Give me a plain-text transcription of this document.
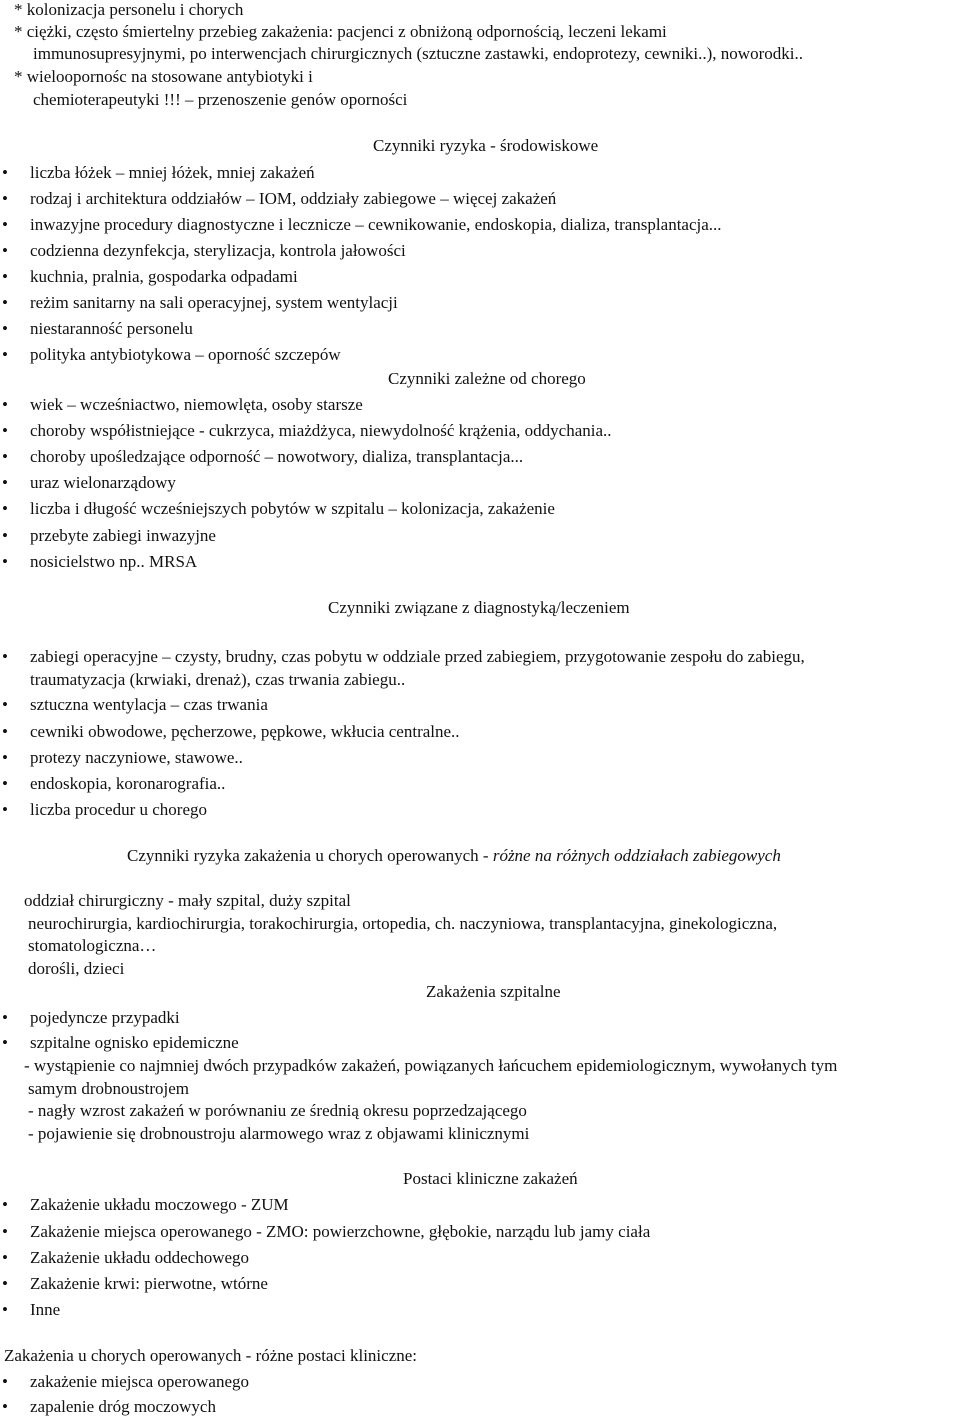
* kolonizacja personelu i chorych
* ciężki, często śmiertelny przebieg zakażenia: pacjenci z obniżoną odpornością, leczeni lekami
immunosupresyjnymi, po interwencjach chirurgicznych (sztuczne zastawki, endoprotezy, cewniki..), noworodki..
* wieloopornośc na stosowane antybiotyki i
chemioterapeutyki !!! – przenoszenie genów oporności
Czynniki ryzyka - środowiskowe
• liczba łóżek – mniej łóżek, mniej zakażeń
• rodzaj i architektura oddziałów – IOM, oddziały zabiegowe – więcej zakażeń
• inwazyjne procedury diagnostyczne i lecznicze – cewnikowanie, endoskopia, dializa, transplantacja...
• codzienna dezynfekcja, sterylizacja, kontrola jałowości
• kuchnia, pralnia, gospodarka odpadami
• reżim sanitarny na sali operacyjnej, system wentylacji
• niestaranność personelu
• polityka antybiotykowa – oporność szczepów
Czynniki zależne od chorego
• wiek – wcześniactwo, niemowlęta, osoby starsze
• choroby współistniejące - cukrzyca, miażdżyca, niewydolność krążenia, oddychania..
• choroby upośledzające odporność – nowotwory, dializa, transplantacja...
• uraz wielonarządowy
• liczba i długość wcześniejszych pobytów w szpitalu – kolonizacja, zakażenie
• przebyte zabiegi inwazyjne
• nosicielstwo np.. MRSA
Czynniki związane z diagnostyką/leczeniem
• zabiegi operacyjne – czysty, brudny, czas pobytu w oddziale przed zabiegiem, przygotowanie zespołu do zabiegu,
traumatyzacja (krwiaki, drenaż), czas trwania zabiegu..
• sztuczna wentylacja – czas trwania
• cewniki obwodowe, pęcherzowe, pępkowe, wkłucia centralne..
• protezy naczyniowe, stawowe..
• endoskopia, koronarografia..
• liczba procedur u chorego
Czynniki ryzyka zakażenia u chorych operowanych - różne na różnych oddziałach zabiegowych
oddział chirurgiczny - mały szpital, duży szpital
neurochirurgia, kardiochirurgia, torakochirurgia, ortopedia, ch. naczyniowa, transplantacyjna, ginekologiczna,
stomatologiczna…
dorośli, dzieci
Zakażenia szpitalne
• pojedyncze przypadki
• szpitalne ognisko epidemiczne
- wystąpienie co najmniej dwóch przypadków zakażeń, powiązanych łańcuchem epidemiologicznym, wywołanych tym
samym drobnoustrojem
- nagły wzrost zakażeń w porównaniu ze średnią okresu poprzedzającego
- pojawienie się drobnoustroju alarmowego wraz z objawami klinicznymi
Postaci kliniczne zakażeń
• Zakażenie układu moczowego - ZUM
• Zakażenie miejsca operowanego - ZMO: powierzchowne, głębokie, narządu lub jamy ciała
• Zakażenie układu oddechowego
• Zakażenie krwi: pierwotne, wtórne
• Inne
Zakażenia u chorych operowanych - różne postaci kliniczne:
• zakażenie miejsca operowanego
• zapalenie dróg moczowych
